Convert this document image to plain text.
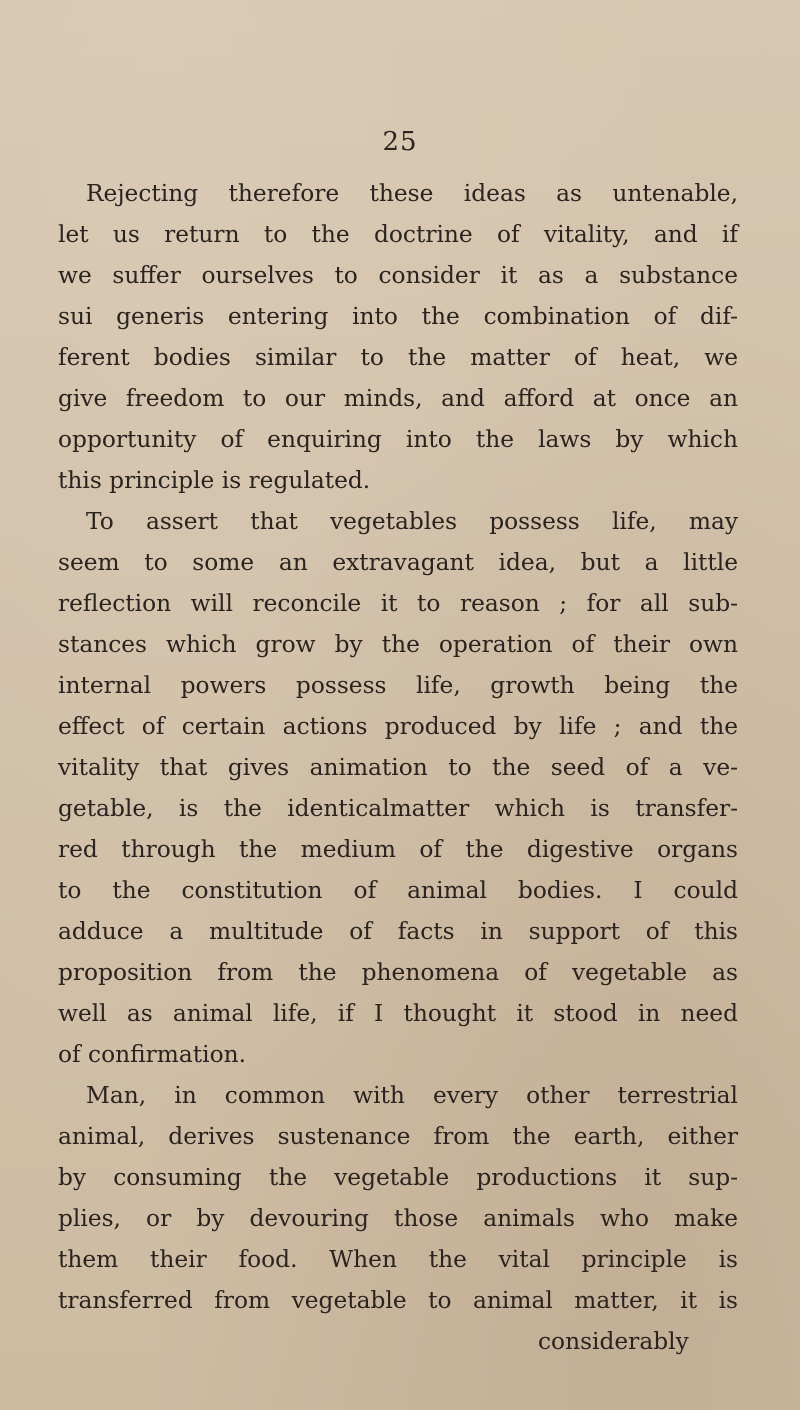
25
Rejecting therefore these ideas as untenable,
let us return to the doctrine of vitality, and if
we suffer ourselves to consider it as a substance
sui generis entering into the combination of dif-
ferent bodies similar to the matter of heat, we
give freedom to our minds, and afford at once an
opportunity of enquiring into the laws by which
this principle is regulated.
To assert that vegetables possess life, may
seem to some an extravagant idea, but a little
reflection will reconcile it to reason ; for all sub-
stances which grow by the operation of their own
internal powers possess life, growth being the
effect of certain actions produced by life ; and the
vitality that gives animation to the seed of a ve-
getable, is the identicalmatter which is transfer-
red through the medium of the digestive organs
to the constitution of animal bodies. I could
adduce a multitude of facts in support of this
proposition from the phenomena of vegetable as
well as animal life, if I thought it stood in need
of confirmation.
Man, in common with every other terrestrial
animal, derives sustenance from the earth, either
by consuming the vegetable productions it sup-
plies, or by devouring those animals who make
them their food. When the vital principle is
transferred from vegetable to animal matter, it is
considerably
